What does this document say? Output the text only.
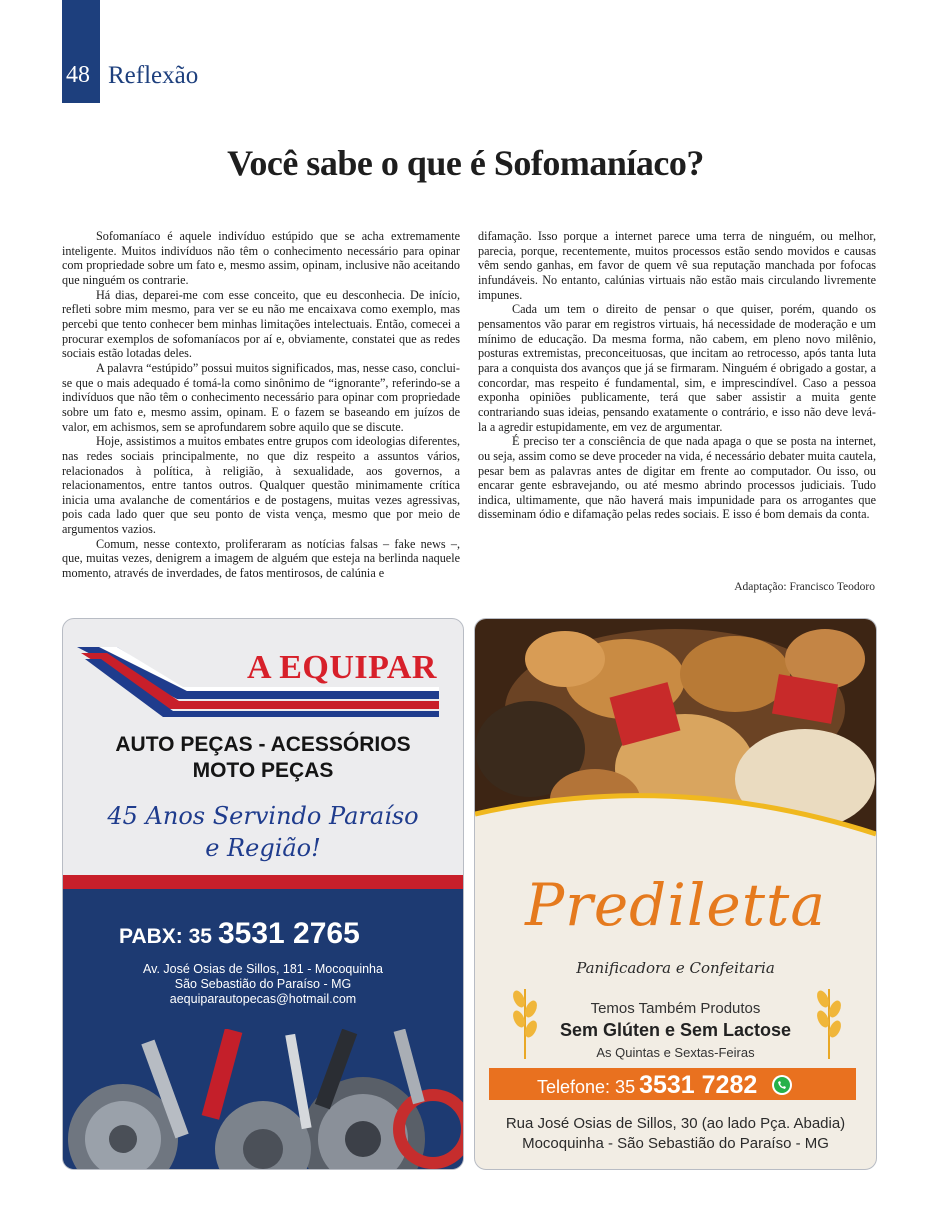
48 Reflexão
Você sabe o que é Sofomaníaco?

Sofomaníaco é aquele indivíduo estúpido que se acha extremamente inteligente. Muitos indivíduos não têm o conhecimento necessário para opinar com propriedade sobre um fato e, mesmo assim, opinam, inclusive não aceitando que ninguém os contrarie.

Há dias, deparei-me com esse conceito, que eu desconhecia. De início, refleti sobre mim mesmo, para ver se eu não me encaixava como exemplo, mas percebi que tento conhecer bem minhas limitações intelectuais. Então, comecei a procurar exemplos de sofomaníacos por aí e, obviamente, constatei que as redes sociais estão lotadas deles.

A palavra “estúpido” possui muitos significados, mas, nesse caso, conclui-se que o mais adequado é tomá-la como sinônimo de “ignorante”, referindo-se a indivíduos que não têm o conhecimento necessário para opinar com propriedade sobre um fato e, mesmo assim, opinam. E o fazem se baseando em juízos de valor, em achismos, sem se aprofundarem sobre aquilo que se discute.

Hoje, assistimos a muitos embates entre grupos com ideologias diferentes, nas redes sociais principalmente, no que diz respeito a assuntos vários, relacionados à política, à religião, à sexualidade, aos governos, a relacionamentos, entre tantos outros. Qualquer questão minimamente crítica inicia uma avalanche de comentários e de postagens, muitas vezes agressivas, pois cada lado quer que seu ponto de vista vença, mesmo que por meio de argumentos vazios.

Comum, nesse contexto, proliferaram as notícias falsas – fake news –, que, muitas vezes, denigrem a imagem de alguém que esteja na berlinda naquele momento, através de inverdades, de fatos mentirosos, de calúnia e

difamação. Isso porque a internet parece uma terra de ninguém, ou melhor, parecia, porque, recentemente, muitos processos estão sendo movidos e causas vêm sendo ganhas, em favor de quem vê sua reputação manchada por fofocas infundáveis. No entanto, calúnias virtuais não estão mais circulando livremente impunes.

Cada um tem o direito de pensar o que quiser, porém, quando os pensamentos vão parar em registros virtuais, há necessidade de moderação e um mínimo de educação. Da mesma forma, não cabem, em pleno novo milênio, posturas extremistas, preconceituosas, que incitam ao retrocesso, após tanta luta para a conquista dos avanços que já se firmaram. Ninguém é obrigado a gostar, a concordar, mas respeito é fundamental, sim, e imprescindível. Caso a pessoa exponha opiniões publicamente, terá que saber assistir a muita gente contrariando suas ideias, pensando exatamente o contrário, e isso não deve levá-la a agredir estupidamente, em vez de argumentar.

É preciso ter a consciência de que nada apaga o que se posta na internet, ou seja, assim como se deve proceder na vida, é necessário debater muita cautela, pesar bem as palavras antes de digitar em frente ao computador. Ou isso, ou encarar gente esbravejando, ou até mesmo abrindo processos judiciais. Tudo indica, ultimamente, que não haverá mais impunidade para os arrogantes que disseminam ódio e difamação pelas redes sociais. E isso é bom demais da conta.

Adaptação: Francisco Teodoro
A EQUIPAR
AUTO PEÇAS - ACESSÓRIOS
MOTO PEÇAS
45 Anos Servindo Paraíso
e Região!
PABX: 35 3531 2765
Av. José Osias de Sillos, 181 - Mocoquinha
São Sebastião do Paraíso - MG
aequiparautopecas@hotmail.com
Prediletta
Panificadora e Confeitaria
Temos Também Produtos
Sem Glúten e Sem Lactose
As Quintas e Sextas-Feiras
Telefone: 35 3531 7282
Rua José Osias de Sillos, 30 (ao lado Pça. Abadia)
Mocoquinha - São Sebastião do Paraíso - MG
